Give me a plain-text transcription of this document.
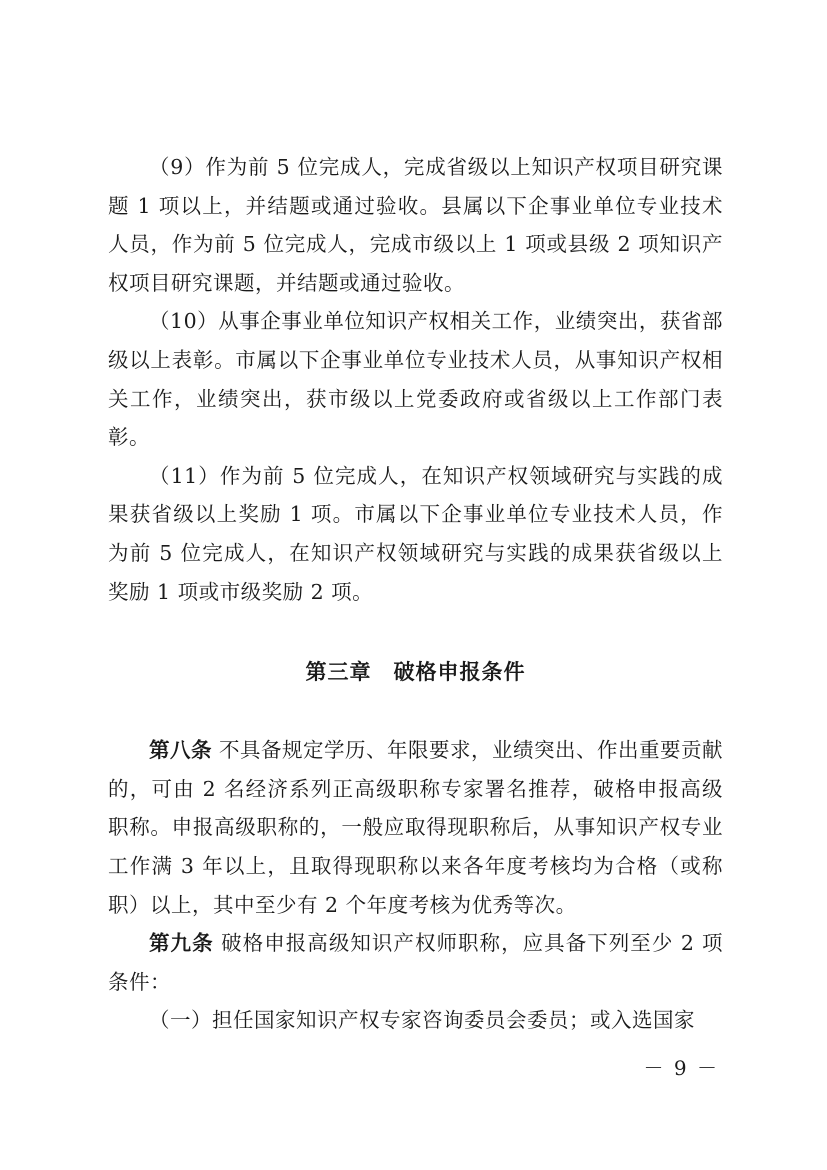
（9）作为前 5 位完成人，完成省级以上知识产权项目研究课题 1 项以上，并结题或通过验收。县属以下企事业单位专业技术人员，作为前 5 位完成人，完成市级以上 1 项或县级 2 项知识产权项目研究课题，并结题或通过验收。

（10）从事企事业单位知识产权相关工作，业绩突出，获省部级以上表彰。市属以下企事业单位专业技术人员，从事知识产权相关工作，业绩突出，获市级以上党委政府或省级以上工作部门表彰。

（11）作为前 5 位完成人，在知识产权领域研究与实践的成果获省级以上奖励 1 项。市属以下企事业单位专业技术人员，作为前 5 位完成人，在知识产权领域研究与实践的成果获省级以上奖励 1 项或市级奖励 2 项。

第三章　破格申报条件

第八条 不具备规定学历、年限要求，业绩突出、作出重要贡献的，可由 2 名经济系列正高级职称专家署名推荐，破格申报高级职称。申报高级职称的，一般应取得现职称后，从事知识产权专业工作满 3 年以上，且取得现职称以来各年度考核均为合格（或称职）以上，其中至少有 2 个年度考核为优秀等次。

第九条 破格申报高级知识产权师职称，应具备下列至少 2 项条件：

（一）担任国家知识产权专家咨询委员会委员；或入选国家

－ 9 －
